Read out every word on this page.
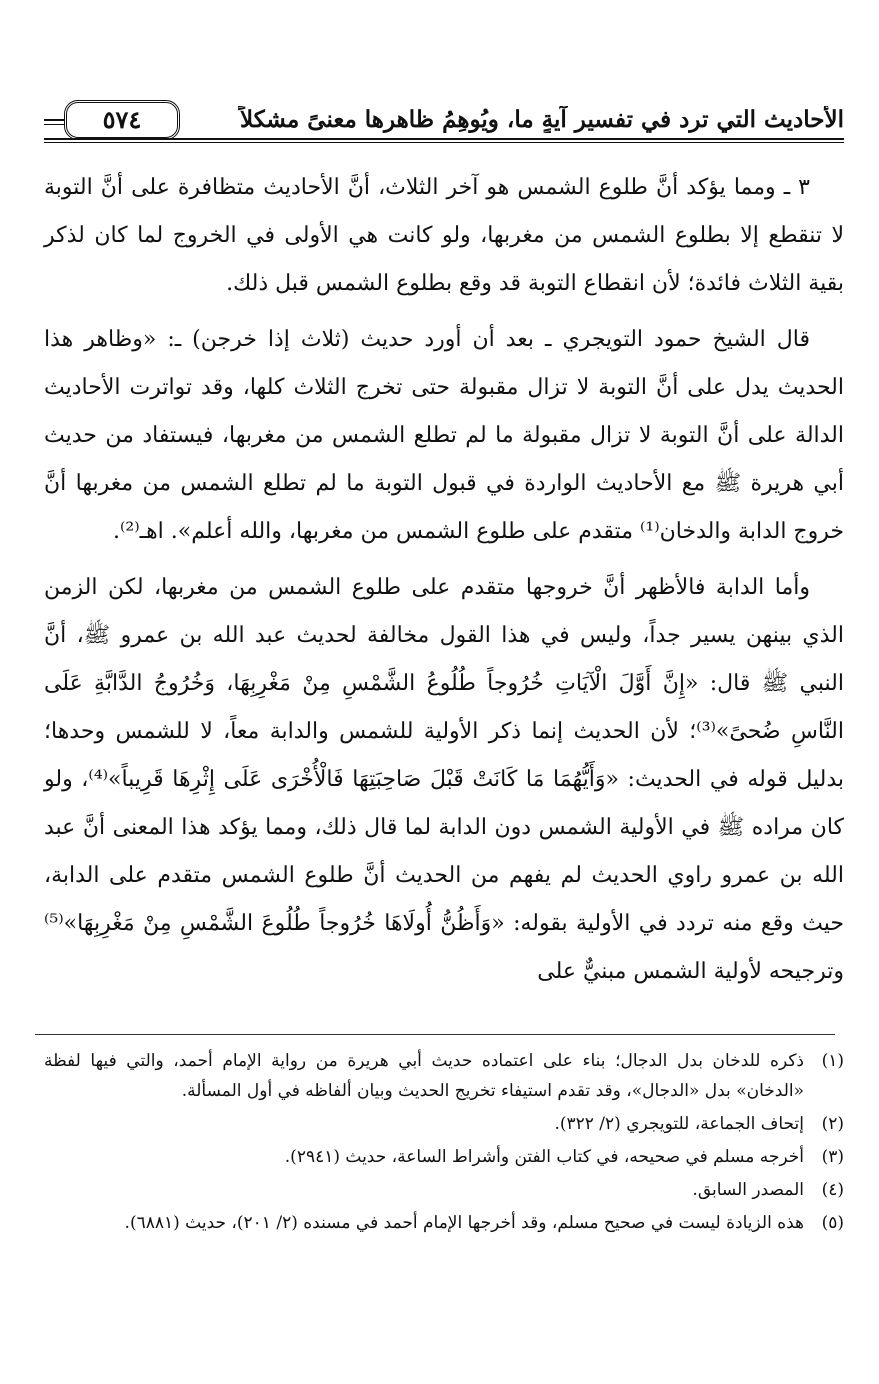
الأحاديث التي ترد في تفسير آيةٍ ما، ويُوهِمُ ظاهرها معنىً مشكلاً
٥٧٤

٣ ـ ومما يؤكد أنَّ طلوع الشمس هو آخر الثلاث، أنَّ الأحاديث متظافرة على أنَّ التوبة لا تنقطع إلا بطلوع الشمس من مغربها، ولو كانت هي الأولى في الخروج لما كان لذكر بقية الثلاث فائدة؛ لأن انقطاع التوبة قد وقع بطلوع الشمس قبل ذلك.

قال الشيخ حمود التويجري ـ بعد أن أورد حديث (ثلاث إذا خرجن) ـ: «وظاهر هذا الحديث يدل على أنَّ التوبة لا تزال مقبولة حتى تخرج الثلاث كلها، وقد تواترت الأحاديث الدالة على أنَّ التوبة لا تزال مقبولة ما لم تطلع الشمس من مغربها، فيستفاد من حديث أبي هريرة ﷺ مع الأحاديث الواردة في قبول التوبة ما لم تطلع الشمس من مغربها أنَّ خروج الدابة والدخان⁽¹⁾ متقدم على طلوع الشمس من مغربها، والله أعلم». اهـ⁽²⁾.

وأما الدابة فالأظهر أنَّ خروجها متقدم على طلوع الشمس من مغربها، لكن الزمن الذي بينهن يسير جداً، وليس في هذا القول مخالفة لحديث عبد الله بن عمرو ﷺ، أنَّ النبي ﷺ قال: «إِنَّ أَوَّلَ الْآيَاتِ خُرُوجاً طُلُوعُ الشَّمْسِ مِنْ مَغْرِبِهَا، وَخُرُوجُ الدَّابَّةِ عَلَى النَّاسِ ضُحىً»⁽³⁾؛ لأن الحديث إنما ذكر الأولية للشمس والدابة معاً، لا للشمس وحدها؛ بدليل قوله في الحديث: «وَأَيُّهُمَا مَا كَانَتْ قَبْلَ صَاحِبَتِهَا فَالْأُخْرَى عَلَى إِثْرِهَا قَرِيباً»⁽⁴⁾، ولو كان مراده ﷺ في الأولية الشمس دون الدابة لما قال ذلك، ومما يؤكد هذا المعنى أنَّ عبد الله بن عمرو راوي الحديث لم يفهم من الحديث أنَّ طلوع الشمس متقدم على الدابة، حيث وقع منه تردد في الأولية بقوله: «وَأَظُنُّ أُولَاهَا خُرُوجاً طُلُوعَ الشَّمْسِ مِنْ مَغْرِبِهَا»⁽⁵⁾ وترجيحه لأولية الشمس مبنيٌّ على

(١)
ذكره للدخان بدل الدجال؛ بناء على اعتماده حديث أبي هريرة من رواية الإمام أحمد، والتي فيها لفظة «الدخان» بدل «الدجال»، وقد تقدم استيفاء تخريج الحديث وبيان ألفاظه في أول المسألة.
(٢)
إتحاف الجماعة، للتويجري (٢/ ٣٢٢).
(٣)
أخرجه مسلم في صحيحه، في كتاب الفتن وأشراط الساعة، حديث (٢٩٤١).
(٤)
المصدر السابق.
(٥)
هذه الزيادة ليست في صحيح مسلم، وقد أخرجها الإمام أحمد في مسنده (٢/ ٢٠١)، حديث (٦٨٨١).
